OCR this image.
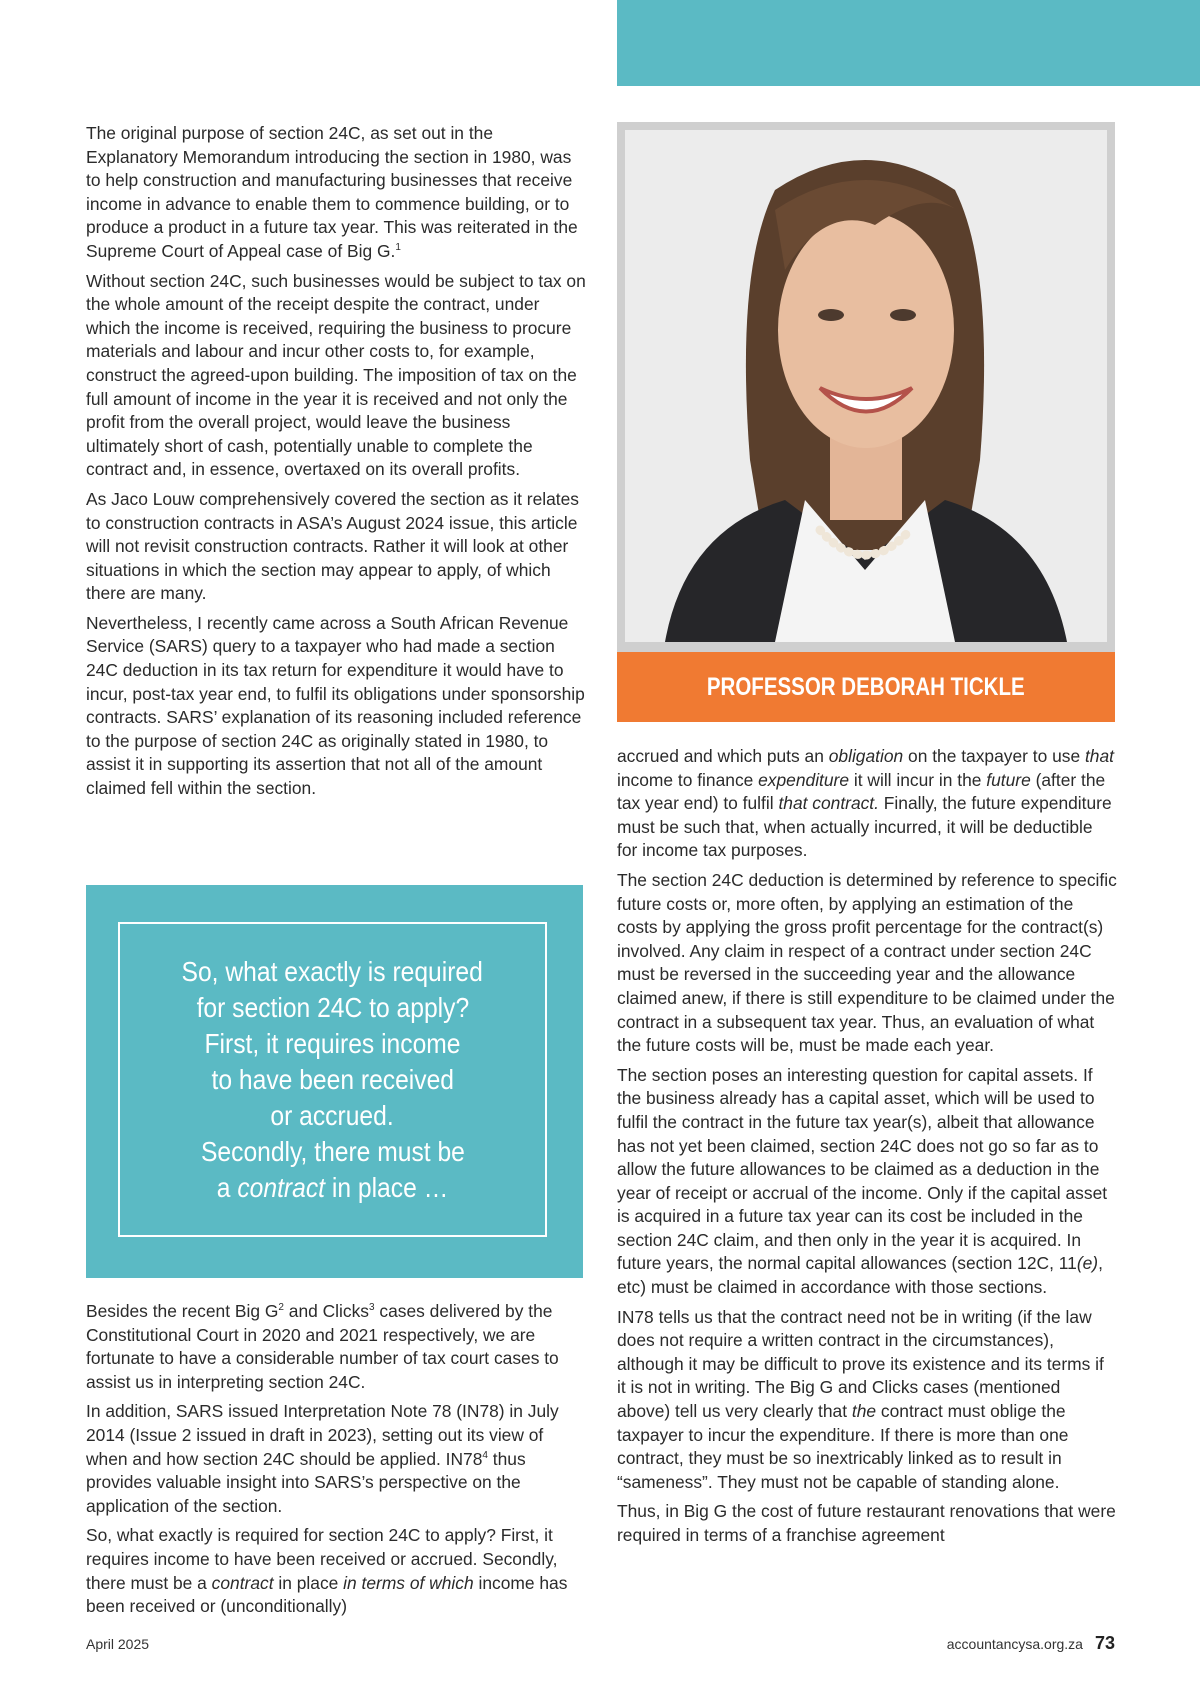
The original purpose of section 24C, as set out in the Explanatory Memorandum introducing the section in 1980, was to help construction and manufacturing businesses that receive income in advance to enable them to commence building, or to produce a product in a future tax year. This was reiterated in the Supreme Court of Appeal case of Big G.$^1$

Without section 24C, such businesses would be subject to tax on the whole amount of the receipt despite the contract, under which the income is received, requiring the business to procure materials and labour and incur other costs to, for example, construct the agreed-upon building. The imposition of tax on the full amount of income in the year it is received and not only the profit from the overall project, would leave the business ultimately short of cash, potentially unable to complete the contract and, in essence, overtaxed on its overall profits.

As Jaco Louw comprehensively covered the section as it relates to construction contracts in ASA’s August 2024 issue, this article will not revisit construction contracts. Rather it will look at other situations in which the section may appear to apply, of which there are many.

Nevertheless, I recently came across a South African Revenue Service (SARS) query to a taxpayer who had made a section 24C deduction in its tax return for expenditure it would have to incur, post-tax year end, to fulfil its obligations under sponsorship contracts. SARS’ explanation of its reasoning included reference to the purpose of section 24C as originally stated in 1980, to assist it in supporting its assertion that not all of the amount claimed fell within the section.

So, what exactly is required
for section 24C to apply?
First, it requires income
to have been received
or accrued.
Secondly, there must be
a contract in place …

Besides the recent Big $G^2$ and Clicks$^3$ cases delivered by the Constitutional Court in 2020 and 2021 respectively, we are fortunate to have a considerable number of tax court cases to assist us in interpreting section 24C.

In addition, SARS issued Interpretation Note 78 (IN78) in July 2014 (Issue 2 issued in draft in 2023), setting out its view of when and how section 24C should be applied. $IN78^4$ thus provides valuable insight into SARS’s perspective on the application of the section.

So, what exactly is required for section 24C to apply? First, it requires income to have been received or accrued. Secondly, there must be a contract in place in terms of which income has been received or (unconditionally)

PROFESSOR DEBORAH TICKLE

accrued and which puts an obligation on the taxpayer to use that income to finance expenditure it will incur in the future (after the tax year end) to fulfil that contract. Finally, the future expenditure must be such that, when actually incurred, it will be deductible for income tax purposes.

The section 24C deduction is determined by reference to specific future costs or, more often, by applying an estimation of the costs by applying the gross profit percentage for the contract(s) involved. Any claim in respect of a contract under section 24C must be reversed in the succeeding year and the allowance claimed anew, if there is still expenditure to be claimed under the contract in a subsequent tax year. Thus, an evaluation of what the future costs will be, must be made each year.

The section poses an interesting question for capital assets. If the business already has a capital asset, which will be used to fulfil the contract in the future tax year(s), albeit that allowance has not yet been claimed, section 24C does not go so far as to allow the future allowances to be claimed as a deduction in the year of receipt or accrual of the income. Only if the capital asset is acquired in a future tax year can its cost be included in the section 24C claim, and then only in the year it is acquired. In future years, the normal capital allowances (section 12C, 11(e), etc) must be claimed in accordance with those sections.

IN78 tells us that the contract need not be in writing (if the law does not require a written contract in the circumstances), although it may be difficult to prove its existence and its terms if it is not in writing. The Big G and Clicks cases (mentioned above) tell us very clearly that the contract must oblige the taxpayer to incur the expenditure. If there is more than one contract, they must be so inextricably linked as to result in “sameness”. They must not be capable of standing alone.

Thus, in Big G the cost of future restaurant renovations that were required in terms of a franchise agreement

April 2025	accountancysa.org.za 73
